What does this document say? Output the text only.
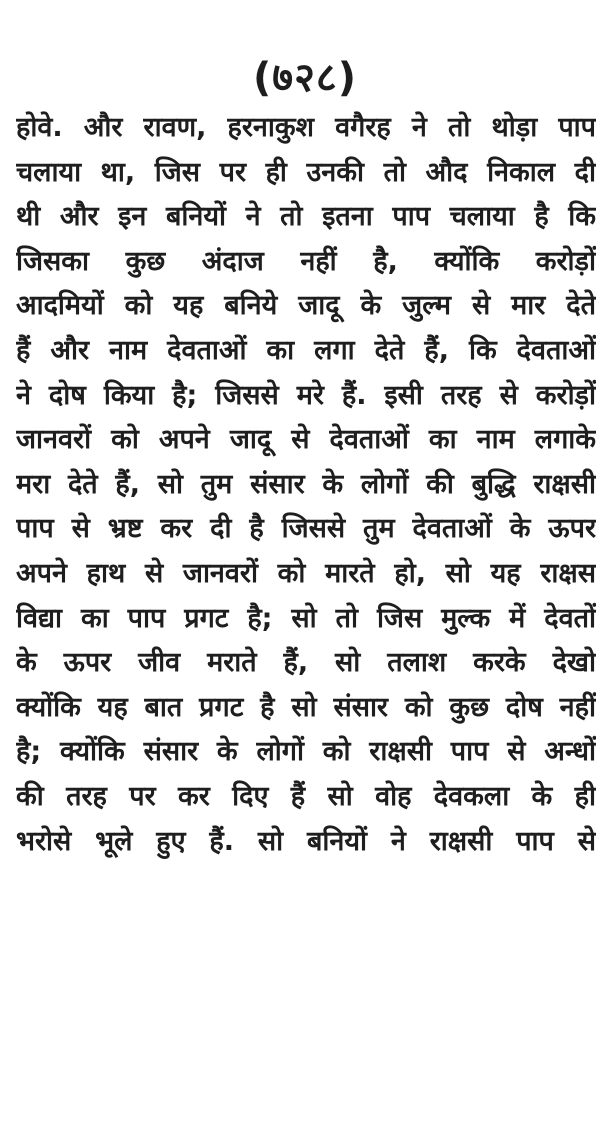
(७२८)
होवे. और रावण, हरनाकुश वगैरह ने तो थोड़ा पाप
चलाया था, जिस पर ही उनकी तो औद निकाल दी
थी और इन बनियों ने तो इतना पाप चलाया है कि
जिसका कुछ अंदाज नहीं है, क्योंकि करोड़ों
आदमियों को यह बनिये जादू के जुल्म से मार देते
हैं और नाम देवताओं का लगा देते हैं, कि देवताओं
ने दोष किया है; जिससे मरे हैं. इसी तरह से करोड़ों
जानवरों को अपने जादू से देवताओं का नाम लगाके
मरा देते हैं, सो तुम संसार के लोगों की बुद्धि राक्षसी
पाप से भ्रष्ट कर दी है जिससे तुम देवताओं के ऊपर
अपने हाथ से जानवरों को मारते हो, सो यह राक्षस
विद्या का पाप प्रगट है; सो तो जिस मुल्क में देवतों
के ऊपर जीव मराते हैं, सो तलाश करके देखो
क्योंकि यह बात प्रगट है सो संसार को कुछ दोष नहीं
है; क्योंकि संसार के लोगों को राक्षसी पाप से अन्धों
की तरह पर कर दिए हैं सो वोह देवकला के ही
भरोसे भूले हुए हैं. सो बनियों ने राक्षसी पाप से
